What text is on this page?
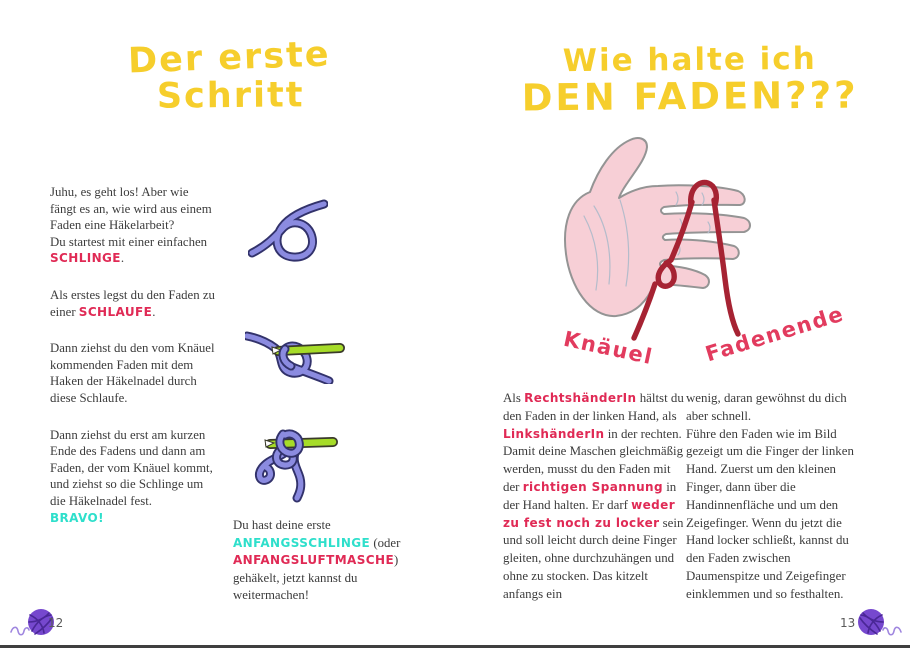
Der erste
Schritt

Juhu, es geht los! Aber wie fängt es an, wie wird aus einem Faden eine Häkelarbeit?
Du startest mit einer einfachen SCHLINGE.

Als erstes legst du den Faden zu einer SCHLAUFE.

Dann ziehst du den vom Knäuel kommenden Faden mit dem Haken der Häkelnadel durch diese Schlaufe.

Dann ziehst du erst am kurzen Ende des Fadens und dann am Faden, der vom Knäuel kommt, und ziehst so die Schlinge um die Häkelnadel fest.
BRAVO!

Du hast deine erste
ANFANGSSCHLINGE (oder
ANFANGSLUFTMASCHE)
gehäkelt, jetzt kannst du
weitermachen!
12
Wie halte ich
DEN FADEN???
Knäuel Fadenende
Als RechtshänderIn hältst du den Faden in der linken Hand, als LinkshänderIn in der rechten. Damit deine Maschen gleichmäßig werden, musst du den Faden mit der richtigen Spannung in der Hand halten. Er darf weder zu fest noch zu locker sein und soll leicht durch deine Finger gleiten, ohne durchzuhängen und ohne zu stocken. Das kitzelt anfangs ein
wenig, daran gewöhnst du dich aber schnell.
Führe den Faden wie im Bild gezeigt um die Finger der linken Hand. Zuerst um den kleinen Finger, dann über die Handinnenfläche und um den Zeigefinger. Wenn du jetzt die Hand locker schließt, kannst du den Faden zwischen Daumenspitze und Zeigefinger einklemmen und so festhalten.
13
